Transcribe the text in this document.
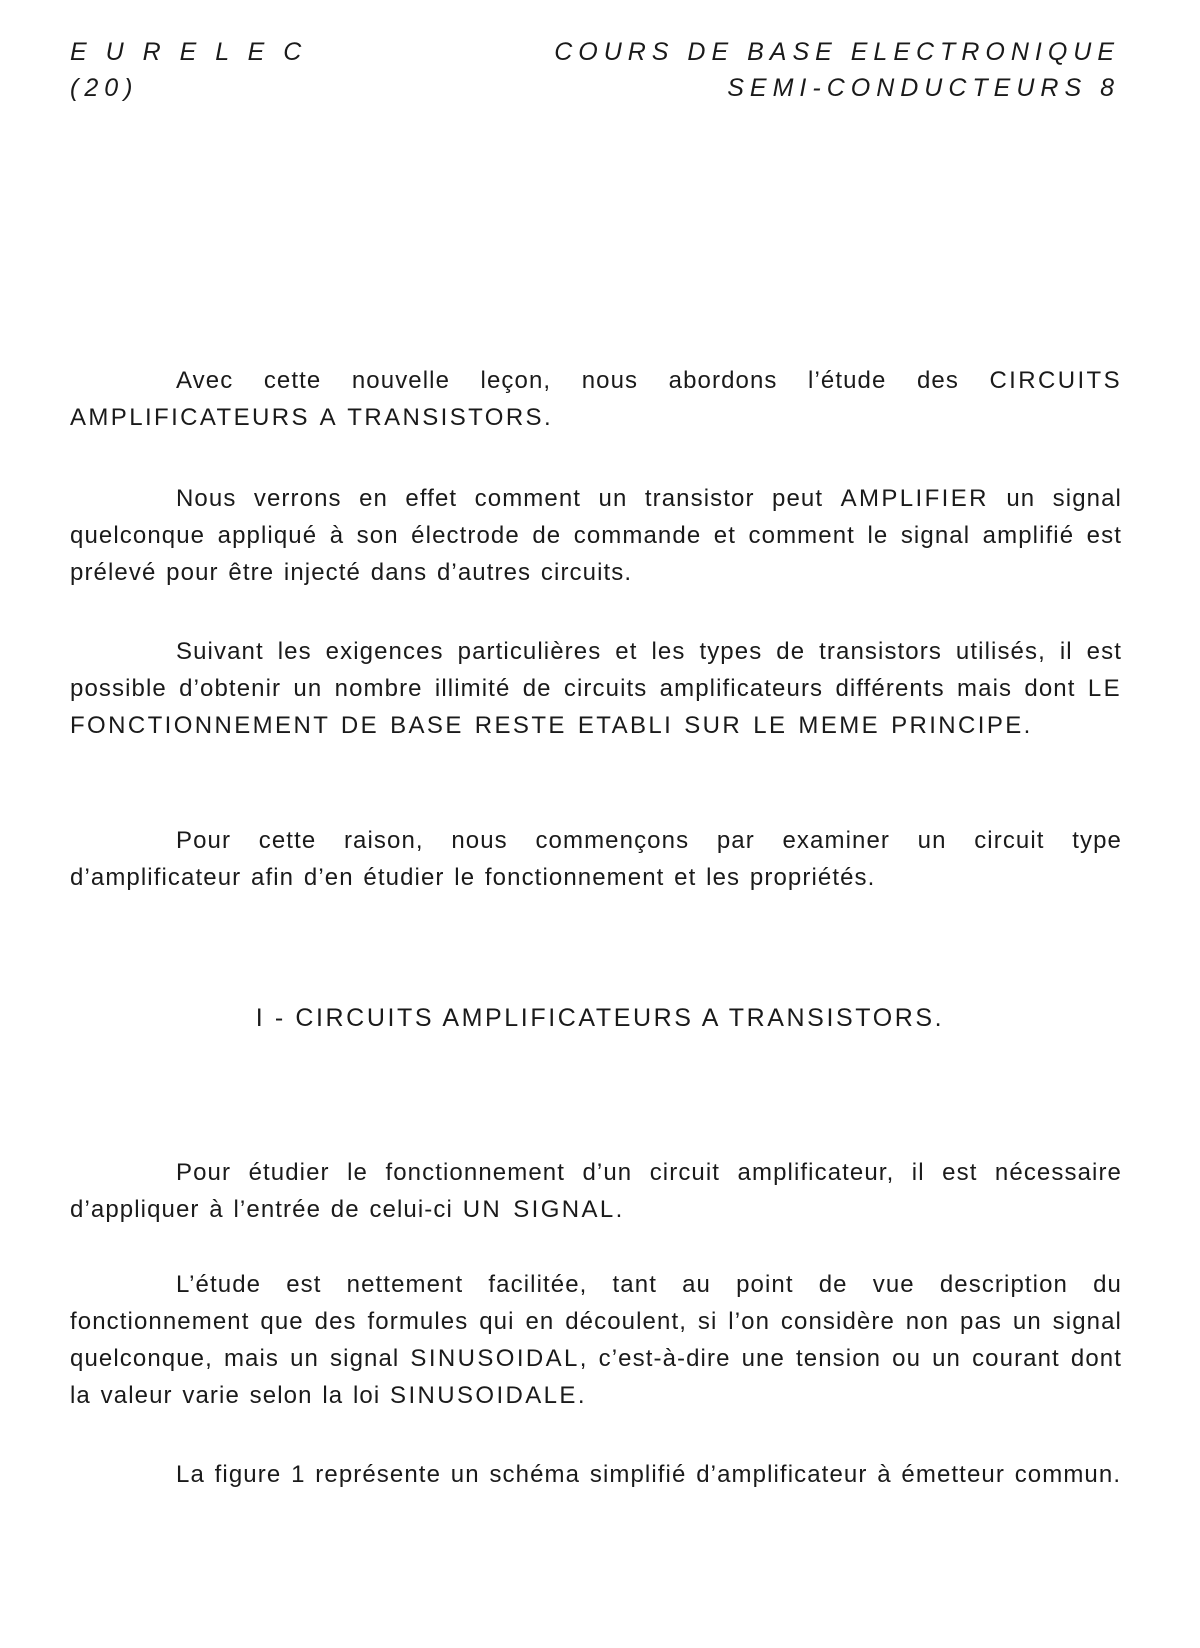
E U R E L E C
(20)
COURS DE BASE ELECTRONIQUE
SEMI-CONDUCTEURS 8

Avec cette nouvelle leçon, nous abordons l’étude des CIRCUITS AMPLIFICATEURS A TRANSISTORS.

Nous verrons en effet comment un transistor peut AMPLIFIER un signal quelconque appliqué à son électrode de commande et comment le signal amplifié est prélevé pour être injecté dans d’autres circuits.

Suivant les exigences particulières et les types de transistors utilisés, il est possible d’obtenir un nombre illimité de circuits amplificateurs différents mais dont LE FONCTIONNEMENT DE BASE RESTE ETABLI SUR LE MEME PRINCIPE.

Pour cette raison, nous commençons par examiner un circuit type d’amplificateur afin d’en étudier le fonctionnement et les propriétés.

I - CIRCUITS AMPLIFICATEURS A TRANSISTORS.

Pour étudier le fonctionnement d’un circuit amplificateur, il est nécessaire d’appliquer à l’entrée de celui-ci UN SIGNAL.

L’étude est nettement facilitée, tant au point de vue description du fonctionnement que des formules qui en découlent, si l’on considère non pas un signal quelconque, mais un signal SINUSOIDAL, c’est-à-dire une tension ou un courant dont la valeur varie selon la loi SINUSOIDALE.

La figure 1 représente un schéma simplifié d’amplificateur à émetteur commun.
